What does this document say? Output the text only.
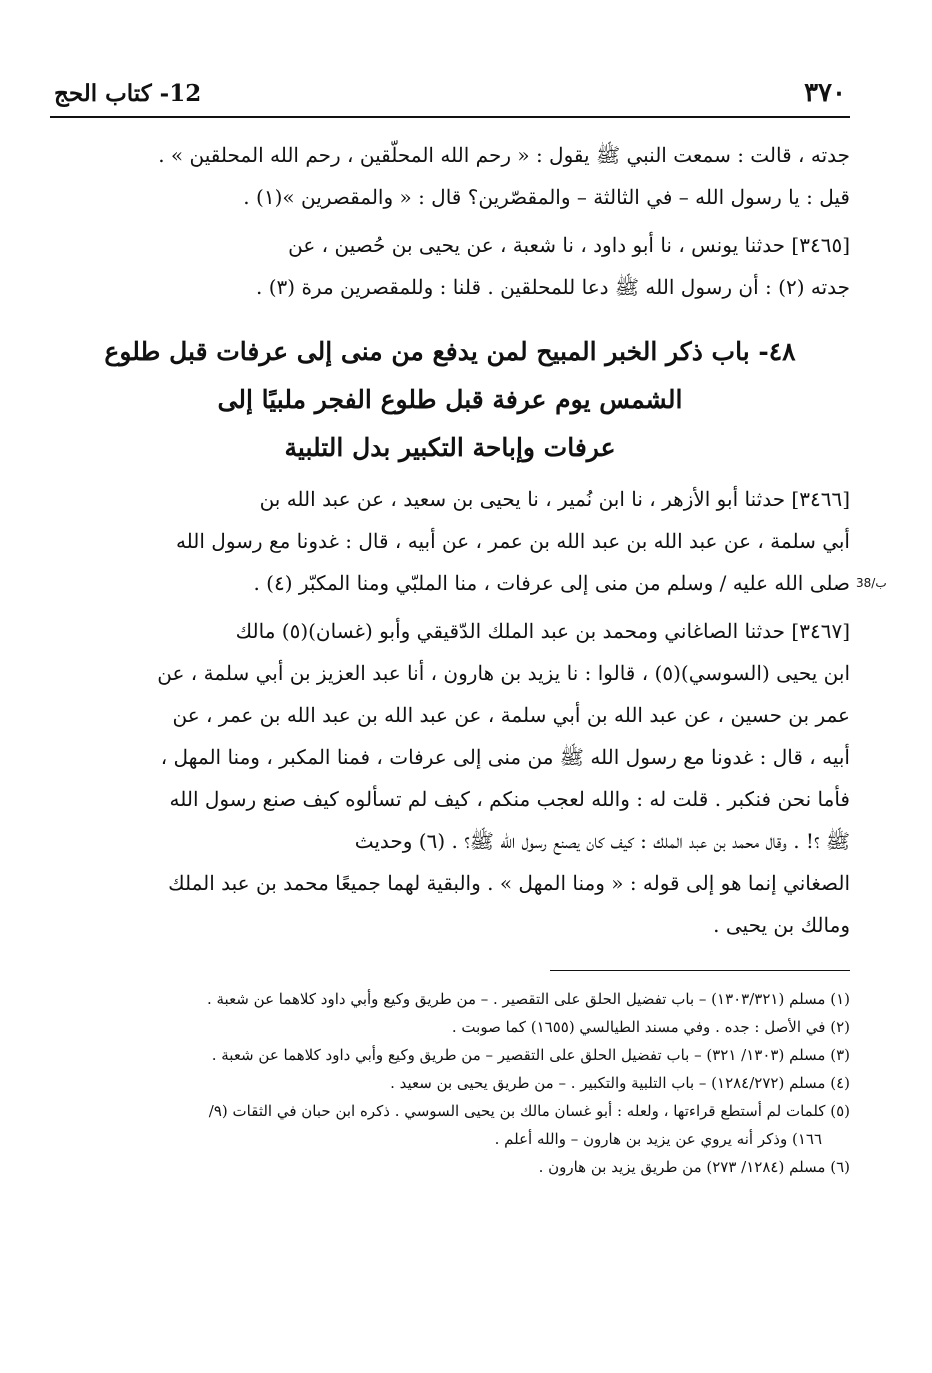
٣٧٠
12- كتاب الحج
جدته ، قالت : سمعت النبي ﷺ يقول : « رحم الله المحلّقين ، رحم الله المحلقين » .
قيل : يا رسول الله – في الثالثة – والمقصّرين؟ قال : « والمقصرين »(١) .
[٣٤٦٥] حدثنا يونس ، نا أبو داود ، نا شعبة ، عن يحيى بن حُصين ، عن
جدته (٢) : أن رسول الله ﷺ دعا للمحلقين . قلنا : وللمقصرين مرة (٣) .
٤٨- باب ذكر الخبر المبيح لمن يدفع من منى إلى عرفات قبل طلوع
الشمس يوم عرفة قبل طلوع الفجر ملبيًا إلى
عرفات وإباحة التكبير بدل التلبية
[٣٤٦٦] حدثنا أبو الأزهر ، نا ابن نُمير ، نا يحيى بن سعيد ، عن عبد الله بن
أبي سلمة ، عن عبد الله بن عبد الله بن عمر ، عن أبيه ، قال : غدونا مع رسول الله
صلى الله عليه / وسلم من منى إلى عرفات ، منا الملبّي ومنا المكبّر (٤) . 38/ب
[٣٤٦٧] حدثنا الصاغاني ومحمد بن عبد الملك الدّقيقي وأبو (غسان)(٥) مالك
ابن يحيى (السوسي)(٥) ، قالوا : نا يزيد بن هارون ، أنا عبد العزيز بن أبي سلمة ، عن
عمر بن حسين ، عن عبد الله بن أبي سلمة ، عن عبد الله بن عبد الله بن عمر ، عن
أبيه ، قال : غدونا مع رسول الله ﷺ من منى إلى عرفات ، فمنا المكبر ، ومنا المهل ،
فأما نحن فنكبر . قلت له : والله لعجب منكم ، كيف لم تسألوه كيف صنع رسول الله
ﷺ ؟! . وقال محمد بن عبد الملك : كيف كان يصنع رسول الله ﷺ؟ . (٦) وحديث
الصغاني إنما هو إلى قوله : « ومنا المهل » . والبقية لهما جميعًا محمد بن عبد الملك
ومالك بن يحيى .
(١) مسلم (١٣٠٣/٣٢١) – باب تفضيل الحلق على التقصير . – من طريق وكيع وأبي داود كلاهما عن شعبة .
(٢) في الأصل : جده . وفي مسند الطيالسي (١٦٥٥) كما صوبت .
(٣) مسلم (١٣٠٣/ ٣٢١) – باب تفضيل الحلق على التقصير – من طريق وكيع وأبي داود كلاهما عن شعبة .
(٤) مسلم (١٢٨٤/٢٧٢) – باب التلبية والتكبير . – من طريق يحيى بن سعيد .
(٥) كلمات لم أستطع قراءتها ، ولعله : أبو غسان مالك بن يحيى السوسي . ذكره ابن حبان في الثقات (٩/
١٦٦) وذكر أنه يروي عن يزيد بن هارون – والله أعلم .
(٦) مسلم (١٢٨٤/ ٢٧٣) من طريق يزيد بن هارون .
